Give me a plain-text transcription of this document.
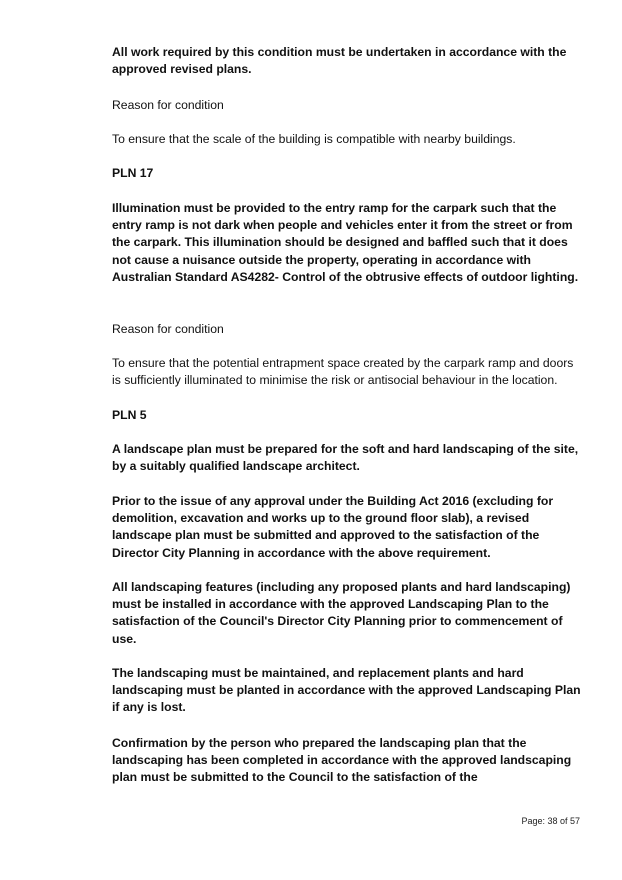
All work required by this condition must be undertaken in accordance with the approved revised plans.

Reason for condition

To ensure that the scale of the building is compatible with nearby buildings.

PLN 17

Illumination must be provided to the entry ramp for the carpark such that the entry ramp is not dark when people and vehicles enter it from the street or from the carpark. This illumination should be designed and baffled such that it does not cause a nuisance outside the property, operating in accordance with Australian Standard AS4282- Control of the obtrusive effects of outdoor lighting.

Reason for condition

To ensure that the potential entrapment space created by the carpark ramp and doors is sufficiently illuminated to minimise the risk or antisocial behaviour in the location.

PLN 5

A landscape plan must be prepared for the soft and hard landscaping of the site, by a suitably qualified landscape architect.

Prior to the issue of any approval under the Building Act 2016 (excluding for demolition, excavation and works up to the ground floor slab), a revised landscape plan must be submitted and approved to the satisfaction of the Director City Planning in accordance with the above requirement.

All landscaping features (including any proposed plants and hard landscaping) must be installed in accordance with the approved Landscaping Plan to the satisfaction of the Council's Director City Planning prior to commencement of use.

The landscaping must be maintained, and replacement plants and hard landscaping must be planted in accordance with the approved Landscaping Plan if any is lost.

Confirmation by the person who prepared the landscaping plan that the landscaping has been completed in accordance with the approved landscaping plan must be submitted to the Council to the satisfaction of the

Page: 38 of 57
